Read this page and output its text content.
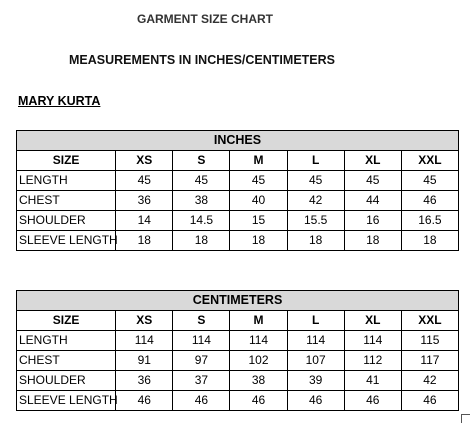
GARMENT SIZE CHART
MEASUREMENTS IN INCHES/CENTIMETERS
MARY KURTA
INCHES						
SIZE	XS	S	M	L	XL	XXL
LENGTH	45	45	45	45	45	45
CHEST	36	38	40	42	44	46
SHOULDER	14	14.5	15	15.5	16	16.5
SLEEVE LENGTH	18	18	18	18	18	18
CENTIMETERS						
SIZE	XS	S	M	L	XL	XXL
LENGTH	114	114	114	114	114	115
CHEST	91	97	102	107	112	117
SHOULDER	36	37	38	39	41	42
SLEEVE LENGTH	46	46	46	46	46	46
